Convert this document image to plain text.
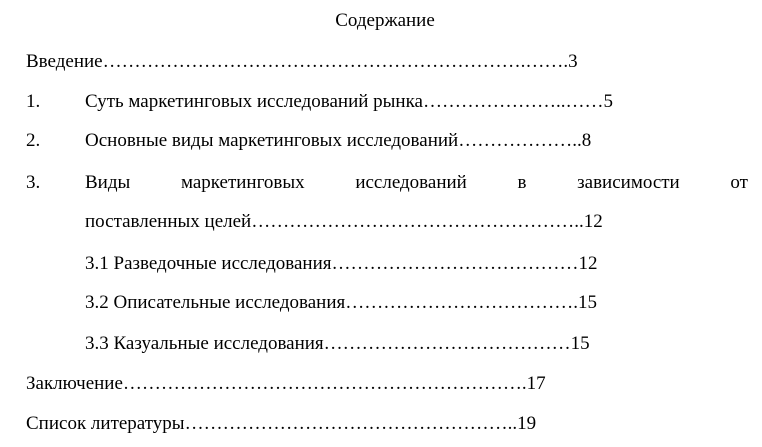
Содержание
Введение………………………………………………………….…….3
1. Суть маркетинговых исследований рынка…………………..……5
2. Основные виды маркетинговых исследований………………..8
3. Виды	маркетинговых	исследований	в	зависимости	от
поставленных целей……………………………………………..12
3.1 Разведочные исследования…………………………………12
3.2 Описательные исследования……………………………….15
3.3 Казуальные исследования…………………………………15
Заключение……………………………………………………….17
Список литературы……………………………………………..19
